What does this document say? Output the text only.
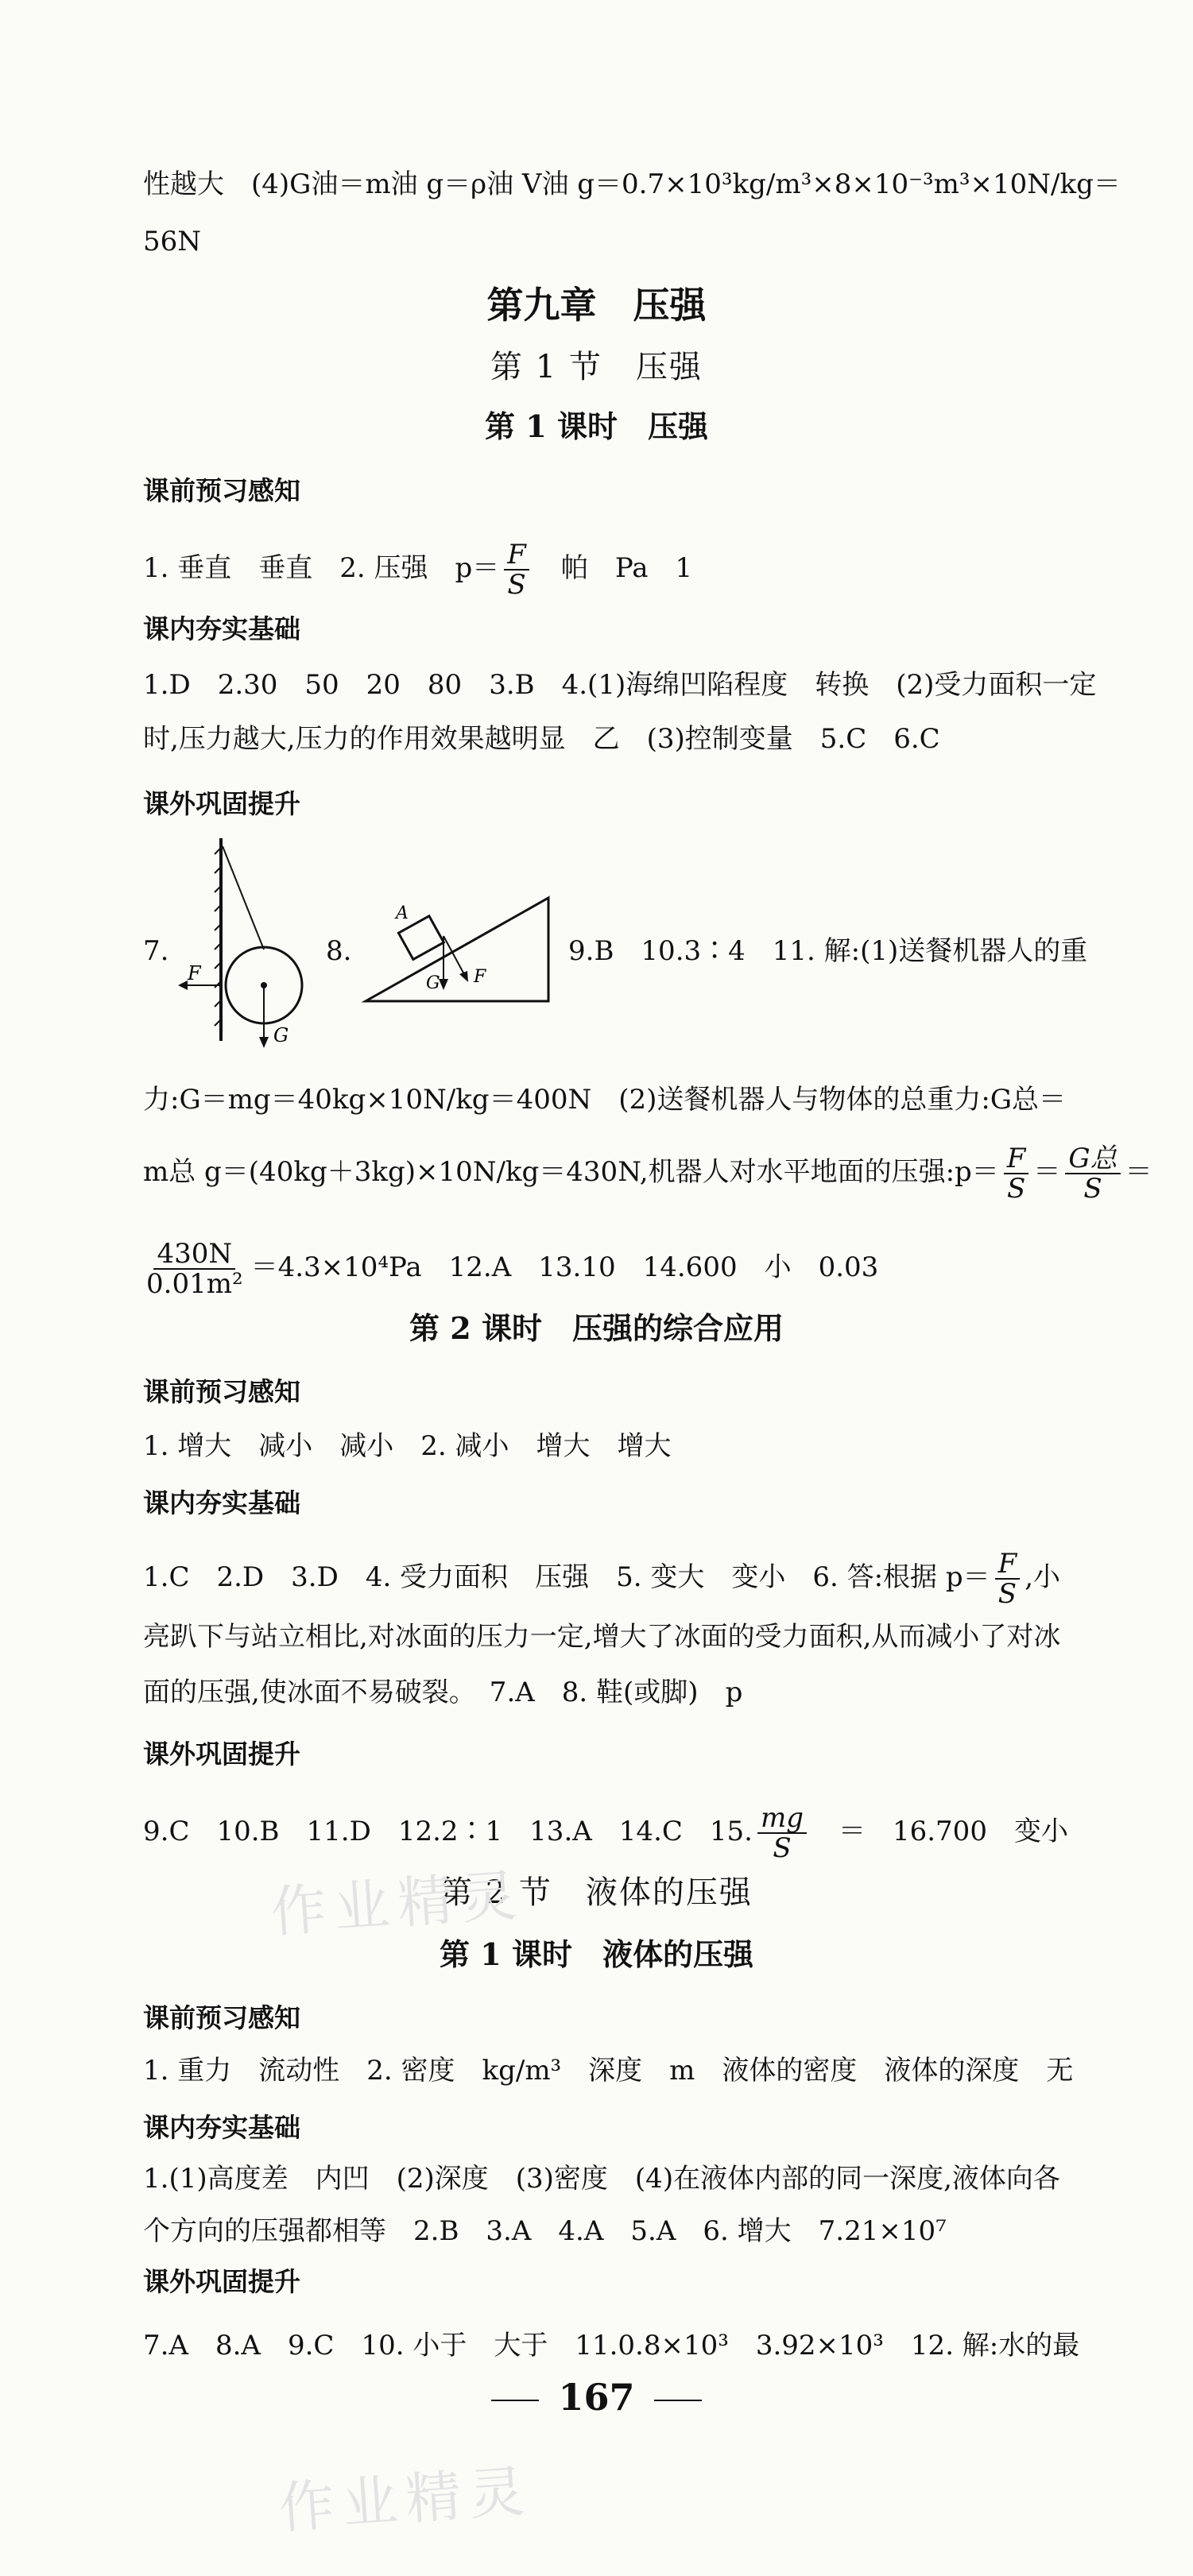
性越大　(4)G油＝m油 g＝ρ油 V油 g＝0.7×10³kg/m³×8×10⁻³m³×10N/kg＝
56N
第九章　压强
第 1 节　压强
第 1 课时　压强
课前预习感知
1. 垂直　垂直　2. 压强　$p= \frac{F}{S}$
　 帕　Pa　1
课内夯实基础
1.D　2.30　50　20　80　3.B　4.(1)海绵凹陷程度　转换　(2)受力面积一定
时,压力越大,压力的作用效果越明显　乙　(3)控制变量　5.C　6.C
课外巩固提升
7.
F
G
8.
A
G F
9.B　10.3∶4　11. 解:(1)送餐机器人的重
力:G＝mg＝40kg×10N/kg＝400N　(2)送餐机器人与物体的总重力:G总＝
m总 g＝(40kg＋3kg)×10N/kg＝430N,机器人对水平地面的压强:p＝ $\frac{F}{S} = \frac{\text{G总}}{S}$ ＝
$\frac{430N}{\text{0.01m²}} =4.3\times 10^4Pa$　12.A　13.10　14.600　小　0.03
第 2 课时　压强的综合应用
课前预习感知
1. 增大　减小　减小　2. 减小　增大　增大
课内夯实基础
1.C　2.D　3.D　4. 受力面积　压强　5. 变大　变小　6. 答:根据 $p= \frac{F}{S}$ ,小
亮趴下与站立相比,对冰面的压力一定,增大了冰面的受力面积,从而减小了对冰
面的压强,使冰面不易破裂。　7.A　8. 鞋(或脚)　p
课外巩固提升
9.C　10.B　11.D　12.2∶1　13.A　14.C　15. $\frac{mg}{S}$
　 ＝　16.700　变小
第 2 节　液体的压强
第 1 课时　液体的压强
课前预习感知
1. 重力　流动性　2. 密度　kg/m³　深度　m　液体的密度　液体的深度　无
课内夯实基础
1.(1)高度差　内凹　(2)深度　(3)密度　(4)在液体内部的同一深度,液体向各
个方向的压强都相等　2.B　3.A　4.A　5.A　6. 增大　7.21×10⁷
课外巩固提升
7.A　8.A　9.C　10. 小于　大于　11.0.8×10³　3.92×10³　12. 解:水的最
167
作业精灵
作业精灵
